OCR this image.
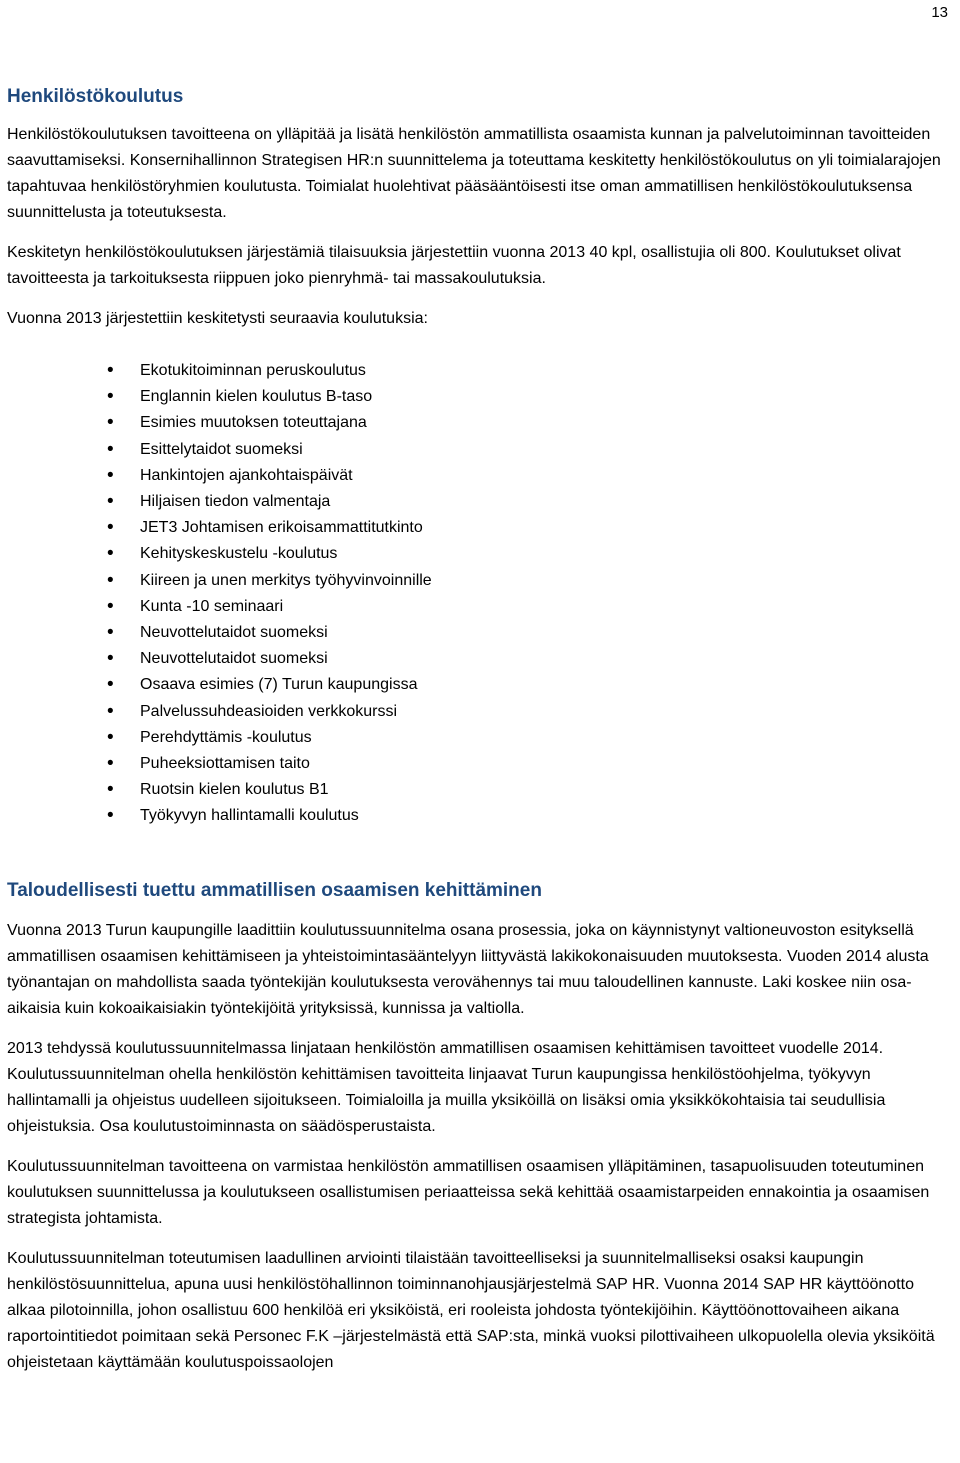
13
Henkilöstökoulutus

Henkilöstökoulutuksen tavoitteena on ylläpitää ja lisätä henkilöstön ammatillista osaamista kunnan ja palvelutoiminnan tavoitteiden saavuttamiseksi. Konsernihallinnon Strategisen HR:n suunnittelema ja toteuttama keskitetty henkilöstökoulutus on yli toimialarajojen tapahtuvaa henkilöstöryhmien koulutusta. Toimialat huolehtivat pääsääntöisesti itse oman ammatillisen henkilöstökoulutuksensa suunnittelusta ja toteutuksesta.

Keskitetyn henkilöstökoulutuksen järjestämiä tilaisuuksia järjestettiin vuonna 2013 40 kpl, osallistujia oli 800. Koulutukset olivat tavoitteesta ja tarkoituksesta riippuen joko pienryhmä- tai massakoulutuksia.

Vuonna 2013 järjestettiin keskitetysti seuraavia koulutuksia:

• Ekotukitoiminnan peruskoulutus
• Englannin kielen koulutus B-taso
• Esimies muutoksen toteuttajana
• Esittelytaidot suomeksi
• Hankintojen ajankohtaispäivät
• Hiljaisen tiedon valmentaja
• JET3 Johtamisen erikoisammattitutkinto
• Kehityskeskustelu -koulutus
• Kiireen ja unen merkitys työhyvinvoinnille
• Kunta -10 seminaari
• Neuvottelutaidot suomeksi
• Neuvottelutaidot suomeksi
• Osaava esimies (7) Turun kaupungissa
• Palvelussuhdeasioiden verkkokurssi
• Perehdyttämis -koulutus
• Puheeksiottamisen taito
• Ruotsin kielen koulutus B1
• Työkyvyn hallintamalli koulutus
Taloudellisesti tuettu ammatillisen osaamisen kehittäminen

Vuonna 2013 Turun kaupungille laadittiin koulutussuunnitelma osana prosessia, joka on käynnistynyt valtioneuvoston esityksellä ammatillisen osaamisen kehittämiseen ja yhteistoimintasääntelyyn liittyvästä lakikokonaisuuden muutoksesta. Vuoden 2014 alusta työnantajan on mahdollista saada työntekijän koulutuksesta verovähennys tai muu taloudellinen kannuste. Laki koskee niin osa-aikaisia kuin kokoaikaisiakin työntekijöitä yrityksissä, kunnissa ja valtiolla.

2013 tehdyssä koulutussuunnitelmassa linjataan henkilöstön ammatillisen osaamisen kehittämisen tavoitteet vuodelle 2014. Koulutussuunnitelman ohella henkilöstön kehittämisen tavoitteita linjaavat Turun kaupungissa henkilöstöohjelma, työkyvyn hallintamalli ja ohjeistus uudelleen sijoitukseen. Toimialoilla ja muilla yksiköillä on lisäksi omia yksikkökohtaisia tai seudullisia ohjeistuksia. Osa koulutustoiminnasta on säädösperustaista.

Koulutussuunnitelman tavoitteena on varmistaa henkilöstön ammatillisen osaamisen ylläpitäminen, tasapuolisuuden toteutuminen koulutuksen suunnittelussa ja koulutukseen osallistumisen periaatteissa sekä kehittää osaamistarpeiden ennakointia ja osaamisen strategista johtamista.

Koulutussuunnitelman toteutumisen laadullinen arviointi tilaistään tavoitteelliseksi ja suunnitelmalliseksi osaksi kaupungin henkilöstösuunnittelua, apuna uusi henkilöstöhallinnon toiminnanohjausjärjestelmä SAP HR. Vuonna 2014 SAP HR käyttöönotto alkaa pilotoinnilla, johon osallistuu 600 henkilöä eri yksiköistä, eri rooleista johdosta työntekijöihin. Käyttöönottovaiheen aikana raportointitiedot poimitaan sekä Personec F.K –järjestelmästä että SAP:sta, minkä vuoksi pilottivaiheen ulkopuolella olevia yksiköitä ohjeistetaan käyttämään koulutuspoissaolojen
